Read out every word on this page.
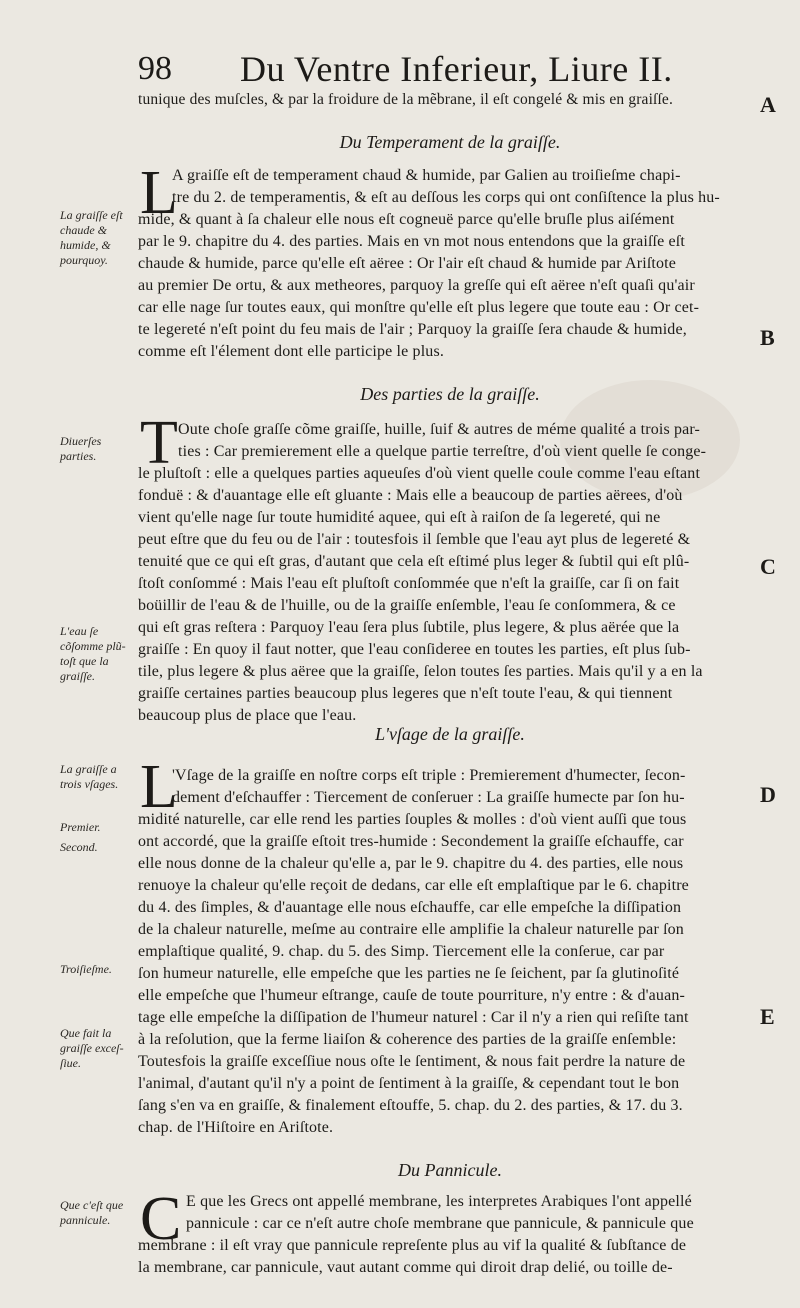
98 Du Ventre Inferieur, Liure II.
tunique des muſcles, & par la froidure de la mẽbrane, il eſt congelé & mis en graiſſe.	A
B
C
D
E
Du Temperament de la graiſſe.
L
La graiſſe eſt chaude & humide, & pourquoy.
A graiſſe eſt de temperament chaud & humide, par Galien au troiſieſme chapi-
tre du 2. de temperamentis, & eſt au deſſous les corps qui ont conſiſtence la plus hu-
mide, & quant à ſa chaleur elle nous eſt cogneuë parce qu'elle bruſle plus aiſément
par le 9. chapitre du 4. des parties. Mais en vn mot nous entendons que la graiſſe eſt
chaude & humide, parce qu'elle eſt aëree : Or l'air eſt chaud & humide par Ariſtote
au premier De ortu, & aux metheores, parquoy la greſſe qui eſt aëree n'eſt quaſi qu'air
car elle nage ſur toutes eaux, qui monſtre qu'elle eſt plus legere que toute eau : Or cet-
te legereté n'eſt point du feu mais de l'air ; Parquoy la graiſſe ſera chaude & humide,
comme eſt l'élement dont elle participe le plus.
Des parties de la graiſſe.
T
Diuerſes parties.
L'eau ſe cõſomme plũ-toſt que la graiſſe.
Oute choſe graſſe cõme graiſſe, huille, ſuif & autres de méme qualité a trois par-
ties : Car premierement elle a quelque partie terreſtre, d'où vient quelle ſe conge-
le pluſtoſt : elle a quelques parties aqueuſes d'où vient quelle coule comme l'eau eſtant
fonduë : & d'auantage elle eſt gluante : Mais elle a beaucoup de parties aërees, d'où
vient qu'elle nage ſur toute humidité aquee, qui eſt à raiſon de ſa legereté, qui ne
peut eſtre que du feu ou de l'air : toutesfois il ſemble que l'eau ayt plus de legereté &
tenuité que ce qui eſt gras, d'autant que cela eſt eſtimé plus leger & ſubtil qui eſt plû-
ſtoſt conſommé : Mais l'eau eſt pluſtoſt conſommée que n'eſt la graiſſe, car ſi on fait
boüillir de l'eau & de l'huille, ou de la graiſſe enſemble, l'eau ſe conſommera, & ce
qui eſt gras reſtera : Parquoy l'eau ſera plus ſubtile, plus legere, & plus aërée que la
graiſſe : En quoy il faut notter, que l'eau conſideree en toutes les parties, eſt plus ſub-
tile, plus legere & plus aëree que la graiſſe, ſelon toutes ſes parties. Mais qu'il y a en la
graiſſe certaines parties beaucoup plus legeres que n'eſt toute l'eau, & qui tiennent
beaucoup plus de place que l'eau.
L'vſage de la graiſſe.
L
La graiſſe a trois vſages.
Premier.
Second.
Troiſieſme.
Que fait la graiſſe exceſ-ſiue.
'Vſage de la graiſſe en noſtre corps eſt triple : Premierement d'humecter, ſecon-
dement d'eſchauffer : Tiercement de conſeruer : La graiſſe humecte par ſon hu-
midité naturelle, car elle rend les parties ſouples & molles : d'où vient auſſi que tous
ont accordé, que la graiſſe eſtoit tres-humide : Secondement la graiſſe eſchauffe, car
elle nous donne de la chaleur qu'elle a, par le 9. chapitre du 4. des parties, elle nous
renuoye la chaleur qu'elle reçoit de dedans, car elle eſt emplaſtique par le 6. chapitre
du 4. des ſimples, & d'auantage elle nous eſchauffe, car elle empeſche la diſſipation
de la chaleur naturelle, meſme au contraire elle amplifie la chaleur naturelle par ſon
emplaſtique qualité, 9. chap. du 5. des Simp. Tiercement elle la conſerue, car par
ſon humeur naturelle, elle empeſche que les parties ne ſe ſeichent, par ſa glutinoſité
elle empeſche que l'humeur eſtrange, cauſe de toute pourriture, n'y entre : & d'auan-
tage elle empeſche la diſſipation de l'humeur naturel : Car il n'y a rien qui reſiſte tant
à la reſolution, que la ferme liaiſon & coherence des parties de la graiſſe enſemble:
Toutesfois la graiſſe exceſſiue nous oſte le ſentiment, & nous fait perdre la nature de
l'animal, d'autant qu'il n'y a point de ſentiment à la graiſſe, & cependant tout le bon
ſang s'en va en graiſſe, & finalement eſtouffe, 5. chap. du 2. des parties, & 17. du 3.
chap. de l'Hiſtoire en Ariſtote.
Du Pannicule.
C
Que c'eſt que pannicule.
E que les Grecs ont appellé membrane, les interpretes Arabiques l'ont appellé
pannicule : car ce n'eſt autre choſe membrane que pannicule, & pannicule que
membrane : il eſt vray que pannicule repreſente plus au vif la qualité & ſubſtance de
la membrane, car pannicule, vaut autant comme qui diroit drap delié, ou toille de-
